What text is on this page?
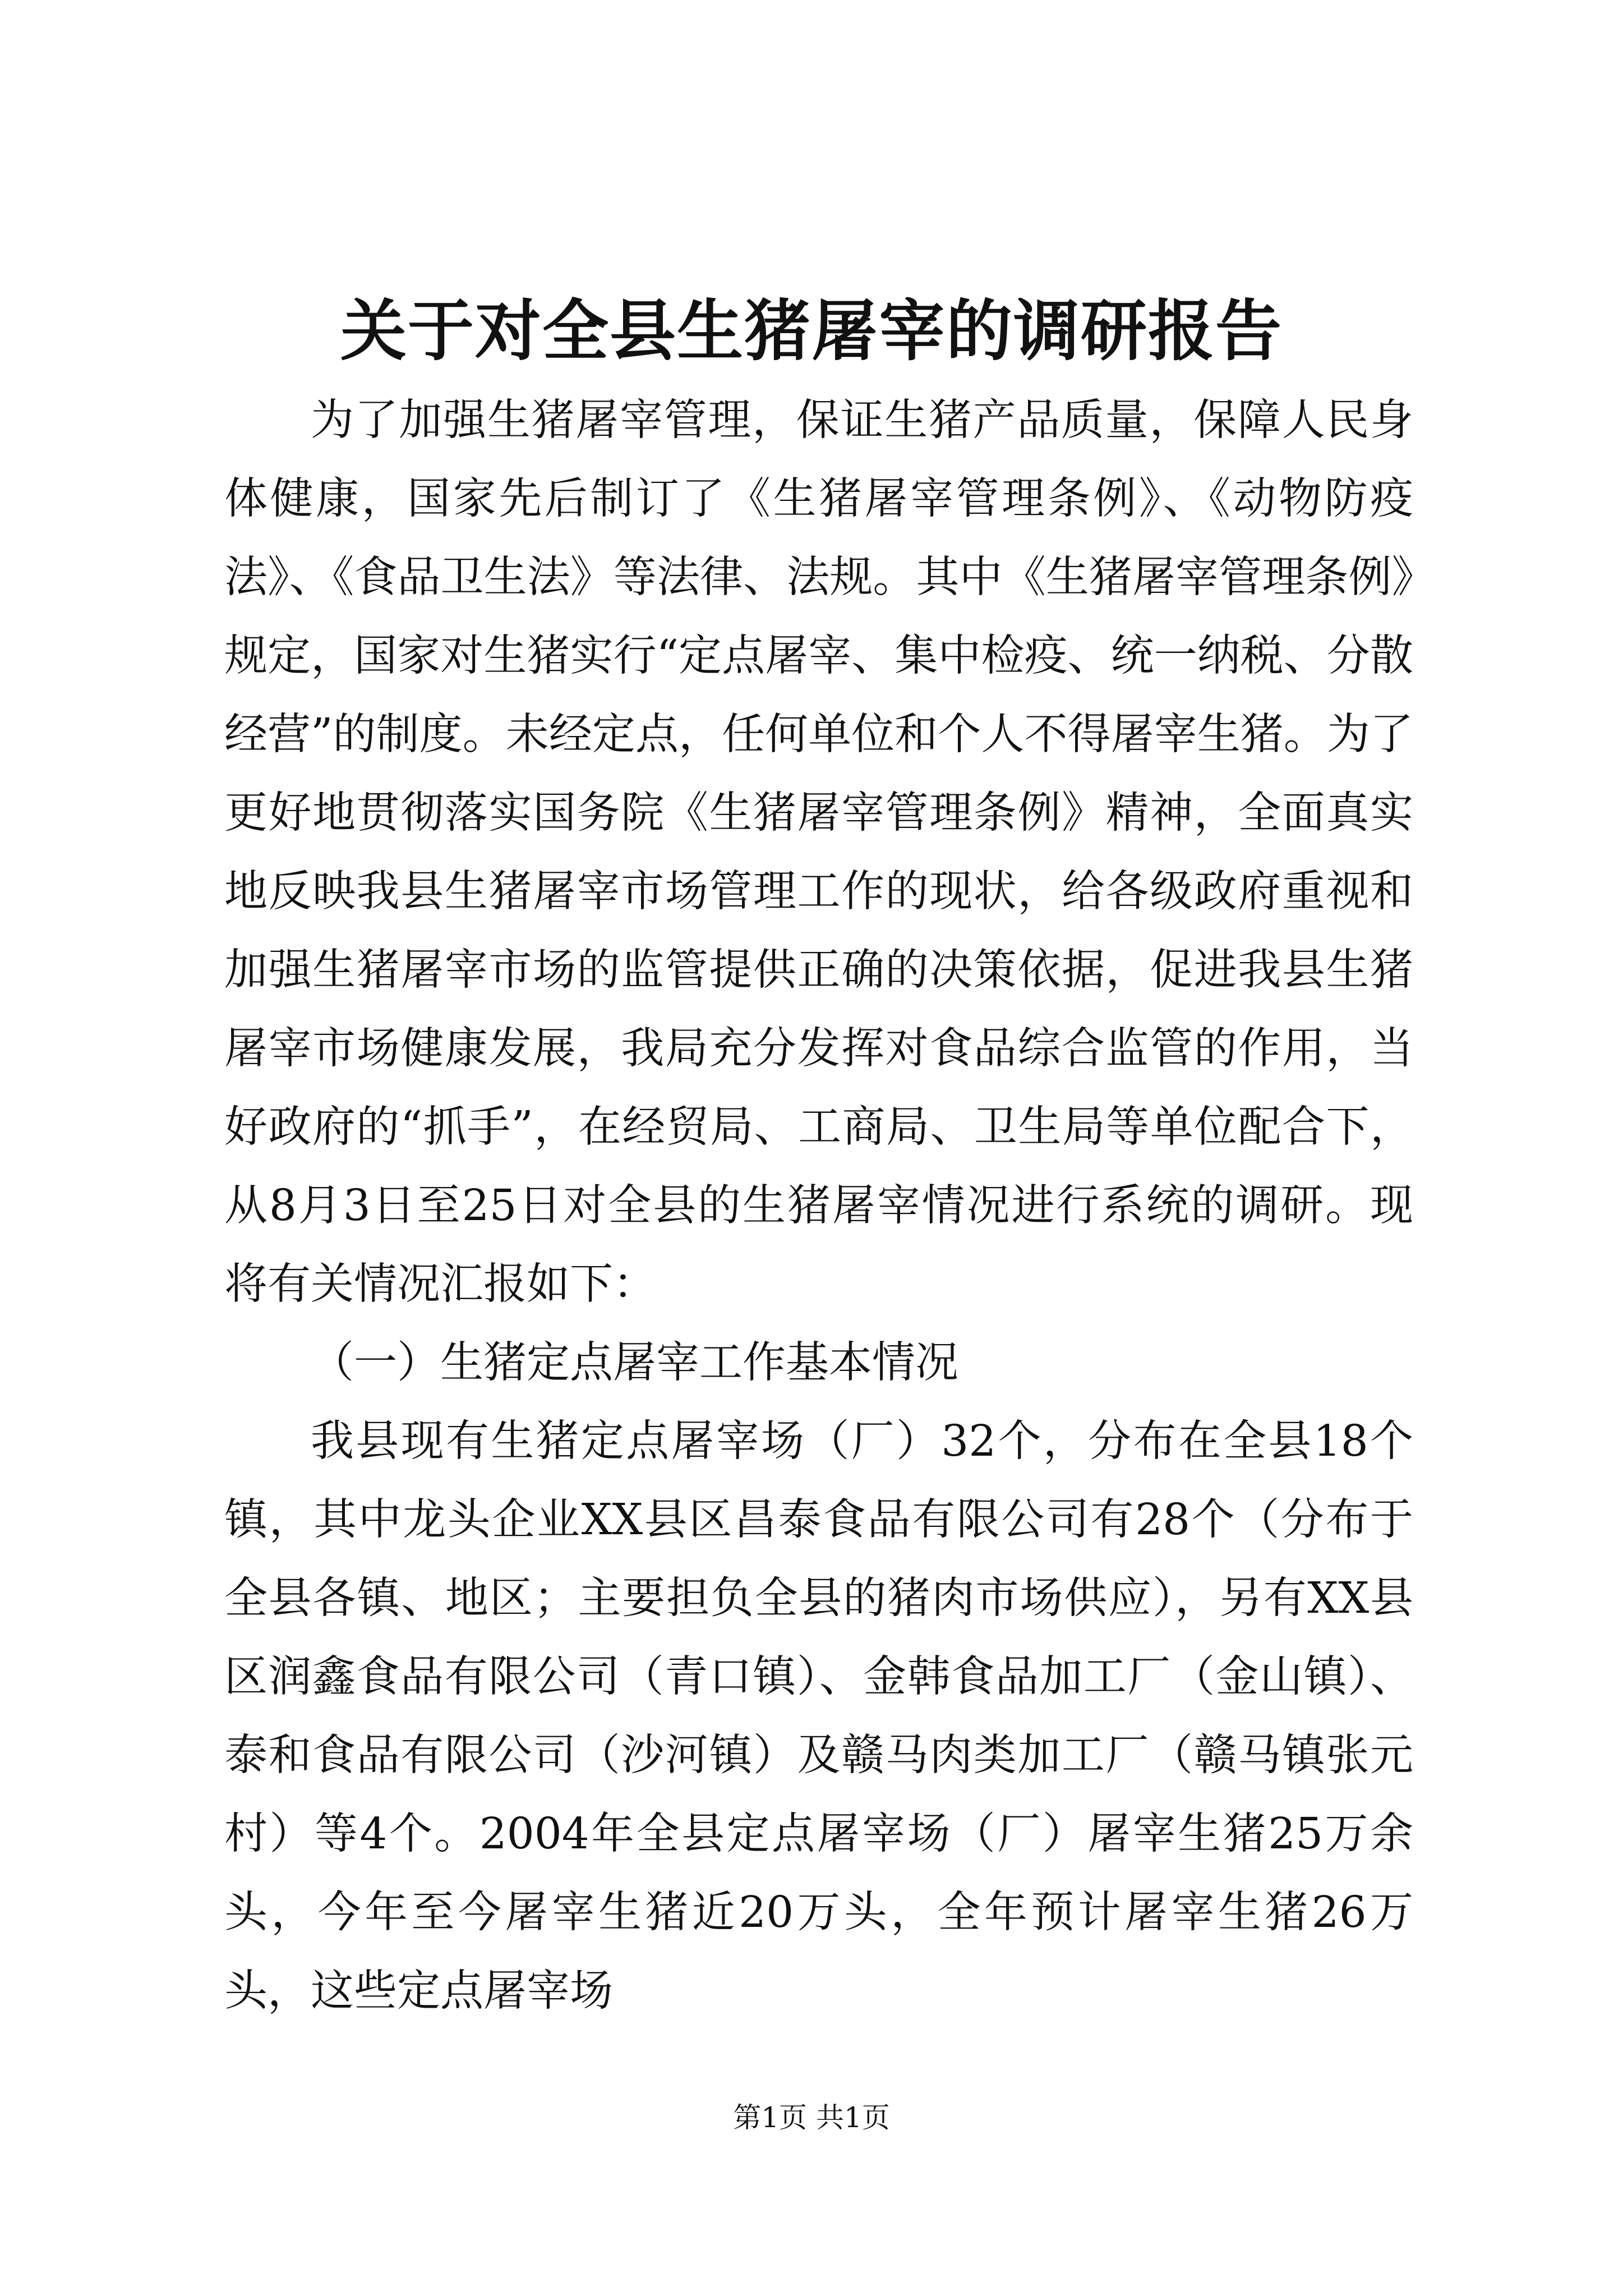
关于对全县生猪屠宰的调研报告

为了加强生猪屠宰管理，保证生猪产品质量，保障人民身体健康，国家先后制订了《生猪屠宰管理条例》、《动物防疫法》、《食品卫生法》等法律、法规。其中《生猪屠宰管理条例》规定，国家对生猪实行“定点屠宰、集中检疫、统一纳税、分散经营”的制度。未经定点，任何单位和个人不得屠宰生猪。为了更好地贯彻落实国务院《生猪屠宰管理条例》精神，全面真实地反映我县生猪屠宰市场管理工作的现状，给各级政府重视和加强生猪屠宰市场的监管提供正确的决策依据，促进我县生猪屠宰市场健康发展，我局充分发挥对食品综合监管的作用，当好政府的“抓手”，在经贸局、工商局、卫生局等单位配合下，从8月3日至25日对全县的生猪屠宰情况进行系统的调研。现将有关情况汇报如下：

（一）生猪定点屠宰工作基本情况

我县现有生猪定点屠宰场（厂）32个，分布在全县18个镇，其中龙头企业XX县区昌泰食品有限公司有28个（分布于全县各镇、地区；主要担负全县的猪肉市场供应），另有XX县区润鑫食品有限公司（青口镇）、金韩食品加工厂（金山镇）、泰和食品有限公司（沙河镇）及赣马肉类加工厂（赣马镇张元村）等4个。2004年全县定点屠宰场（厂）屠宰生猪25万余头，今年至今屠宰生猪近20万头，全年预计屠宰生猪26万头，这些定点屠宰场

第1页 共1页
